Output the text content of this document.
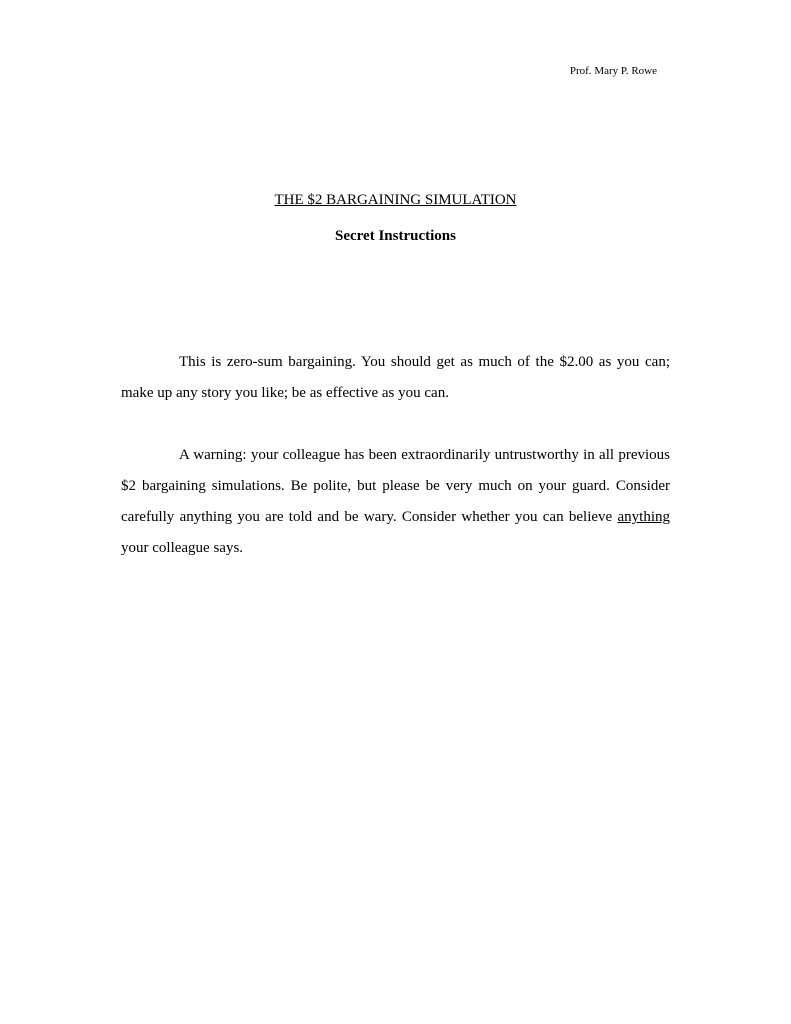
Prof. Mary P. Rowe
THE $2 BARGAINING SIMULATION
Secret Instructions

This is zero-sum bargaining. You should get as much of the $2.00 as you can; make up any story you like; be as effective as you can.

A warning: your colleague has been extraordinarily untrustworthy in all previous $2 bargaining simulations. Be polite, but please be very much on your guard. Consider carefully anything you are told and be wary. Consider whether you can believe anything your colleague says.
